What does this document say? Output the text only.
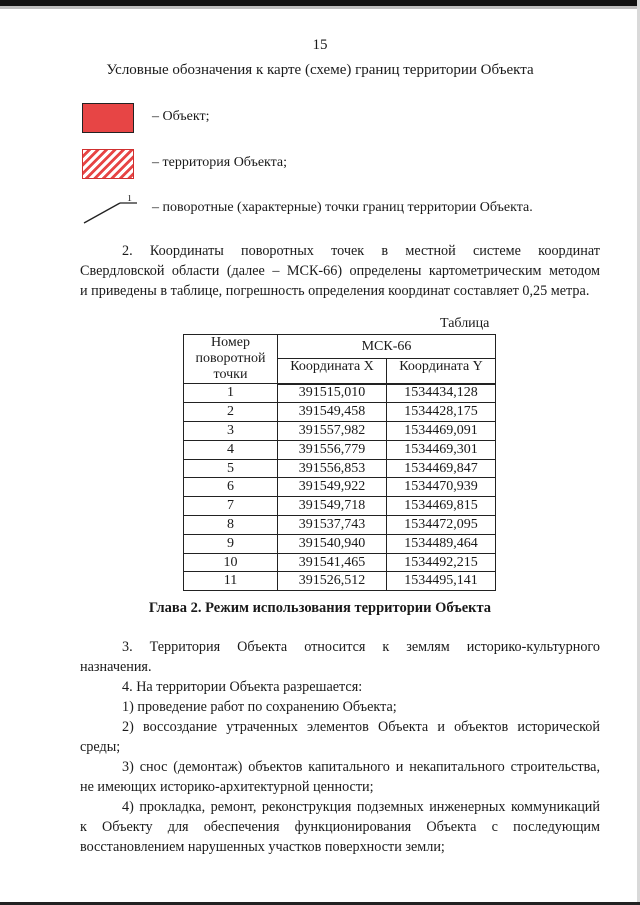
15
Условные обозначения к карте (схеме) границ территории Объекта
– Объект;
– территория Объекта;
1
– поворотные (характерные) точки границ территории Объекта.
2. Координаты поворотных точек в местной системе координат
Свердловской области (далее – МСК-66) определены картометрическим методом
и приведены в таблице, погрешность определения координат составляет 0,25 метра.
Таблица
Номер
поворотной
точки	МСК-66	
	Координата X	Координата Y
1	391515,010	1534434,128
2	391549,458	1534428,175
3	391557,982	1534469,091
4	391556,779	1534469,301
5	391556,853	1534469,847
6	391549,922	1534470,939
7	391549,718	1534469,815
8	391537,743	1534472,095
9	391540,940	1534489,464
10	391541,465	1534492,215
11	391526,512	1534495,141
Глава 2. Режим использования территории Объекта
3. Территория Объекта относится к землям историко-культурного
назначения.
4. На территории Объекта разрешается:
1) проведение работ по сохранению Объекта;
2) воссоздание утраченных элементов Объекта и объектов исторической
среды;
3) снос (демонтаж) объектов капитального и некапитального строительства,
не имеющих историко-архитектурной ценности;
4) прокладка, ремонт, реконструкция подземных инженерных коммуникаций
к Объекту для обеспечения функционирования Объекта с последующим
восстановлением нарушенных участков поверхности земли;
